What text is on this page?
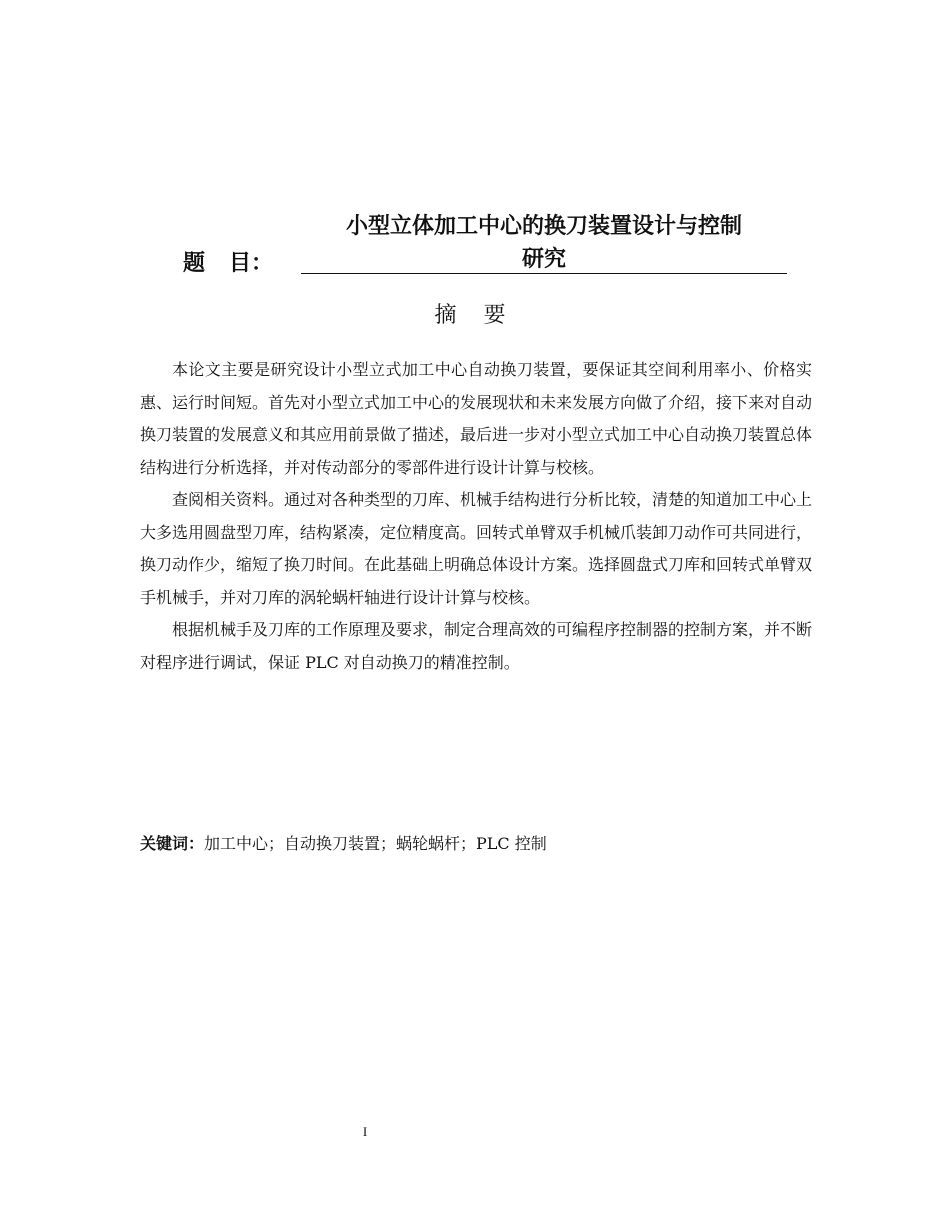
题 目：
小型立体加工中心的换刀装置设计与控制
研究
摘 要

本论文主要是研究设计小型立式加工中心自动换刀装置，要保证其空间利用率小、价格实惠、运行时间短。首先对小型立式加工中心的发展现状和未来发展方向做了介绍，接下来对自动换刀装置的发展意义和其应用前景做了描述，最后进一步对小型立式加工中心自动换刀装置总体结构进行分析选择，并对传动部分的零部件进行设计计算与校核。

查阅相关资料。通过对各种类型的刀库、机械手结构进行分析比较，清楚的知道加工中心上大多选用圆盘型刀库，结构紧凑，定位精度高。回转式单臂双手机械爪装卸刀动作可共同进行，换刀动作少，缩短了换刀时间。在此基础上明确总体设计方案。选择圆盘式刀库和回转式单臂双手机械手，并对刀库的涡轮蜗杆轴进行设计计算与校核。

根据机械手及刀库的工作原理及要求，制定合理高效的可编程序控制器的控制方案，并不断对程序进行调试，保证 PLC 对自动换刀的精准控制。

关键词：加工中心；自动换刀装置；蜗轮蜗杆；PLC 控制
I
